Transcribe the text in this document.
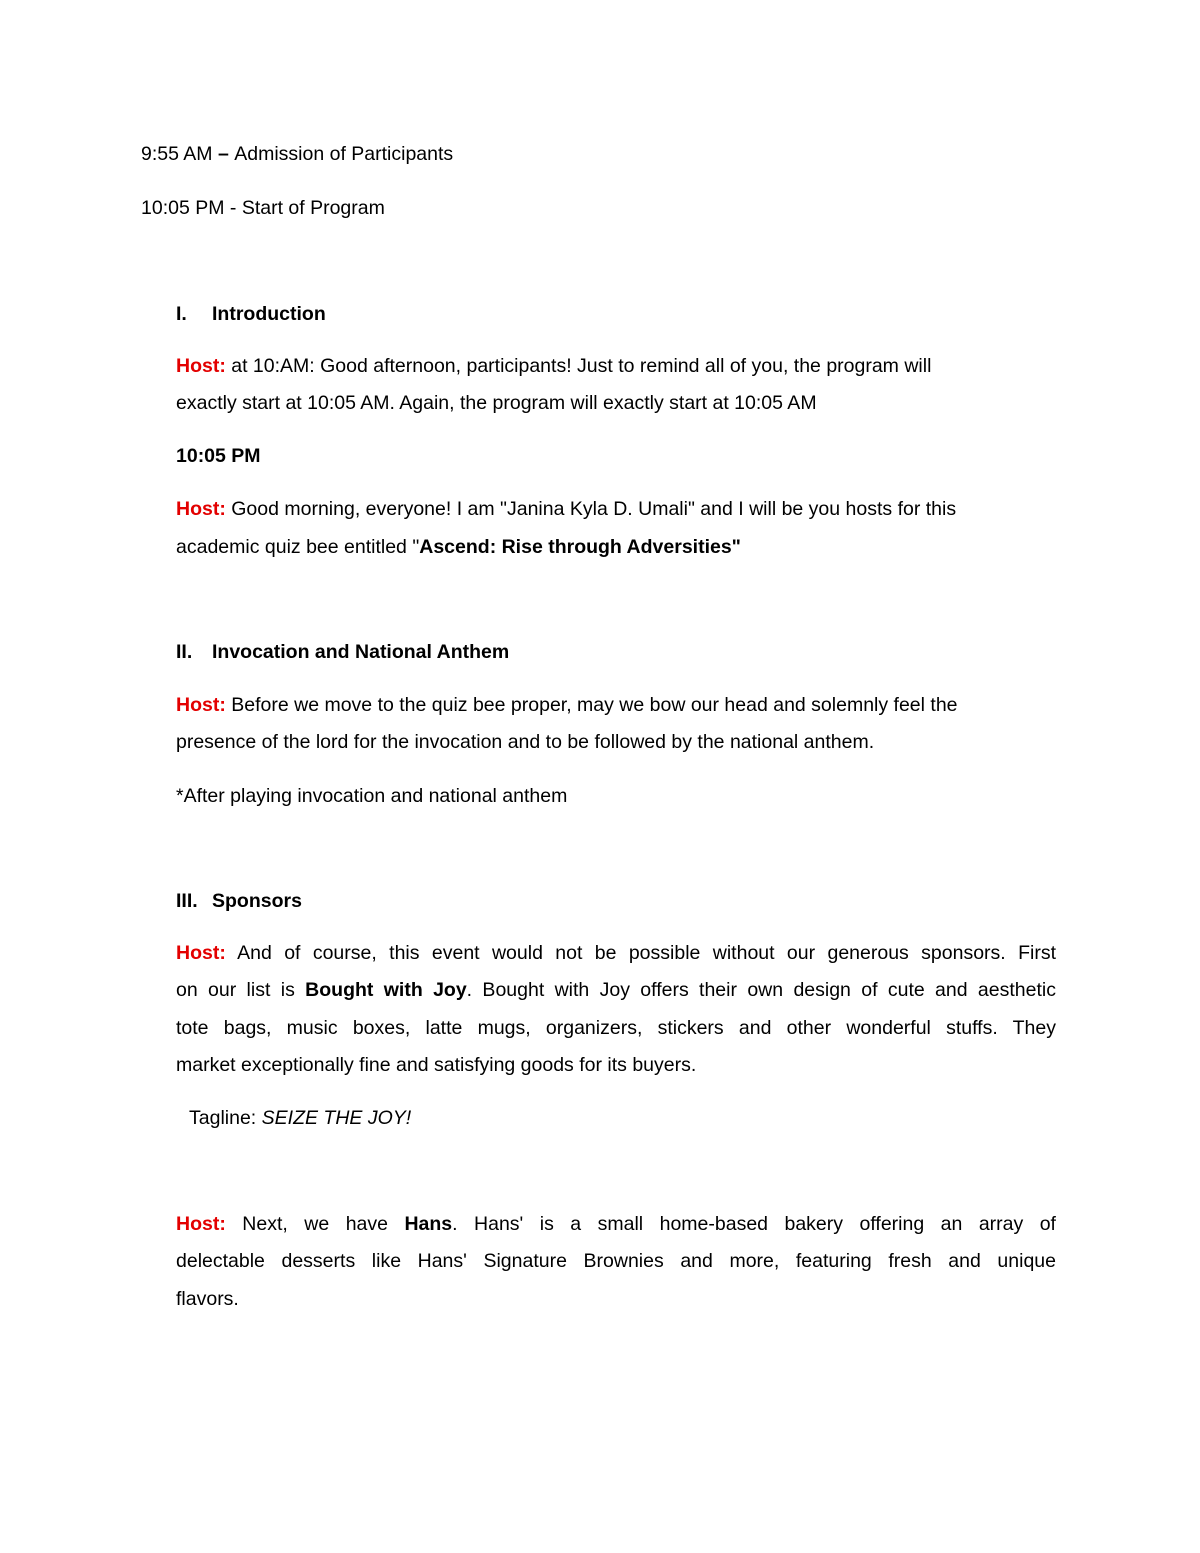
9:55 AM – Admission of Participants

10:05 PM - Start of Program

I. Introduction

Host: at 10:AM: Good afternoon, participants! Just to remind all of you, the program will

exactly start at 10:05 AM. Again, the program will exactly start at 10:05 AM

10:05 PM

Host: Good morning, everyone! I am "Janina Kyla D. Umali" and I will be you hosts for this

academic quiz bee entitled "Ascend: Rise through Adversities"

II. Invocation and National Anthem

Host: Before we move to the quiz bee proper, may we bow our head and solemnly feel the

presence of the lord for the invocation and to be followed by the national anthem.

*After playing invocation and national anthem

III. Sponsors

Host: And of course, this event would not be possible without our generous sponsors. First

on our list is Bought with Joy. Bought with Joy offers their own design of cute and aesthetic

tote bags, music boxes, latte mugs, organizers, stickers and other wonderful stuffs. They

market exceptionally fine and satisfying goods for its buyers.

Tagline: SEIZE THE JOY!

Host: Next, we have Hans. Hans' is a small home-based bakery offering an array of

delectable desserts like Hans' Signature Brownies and more, featuring fresh and unique

flavors.
